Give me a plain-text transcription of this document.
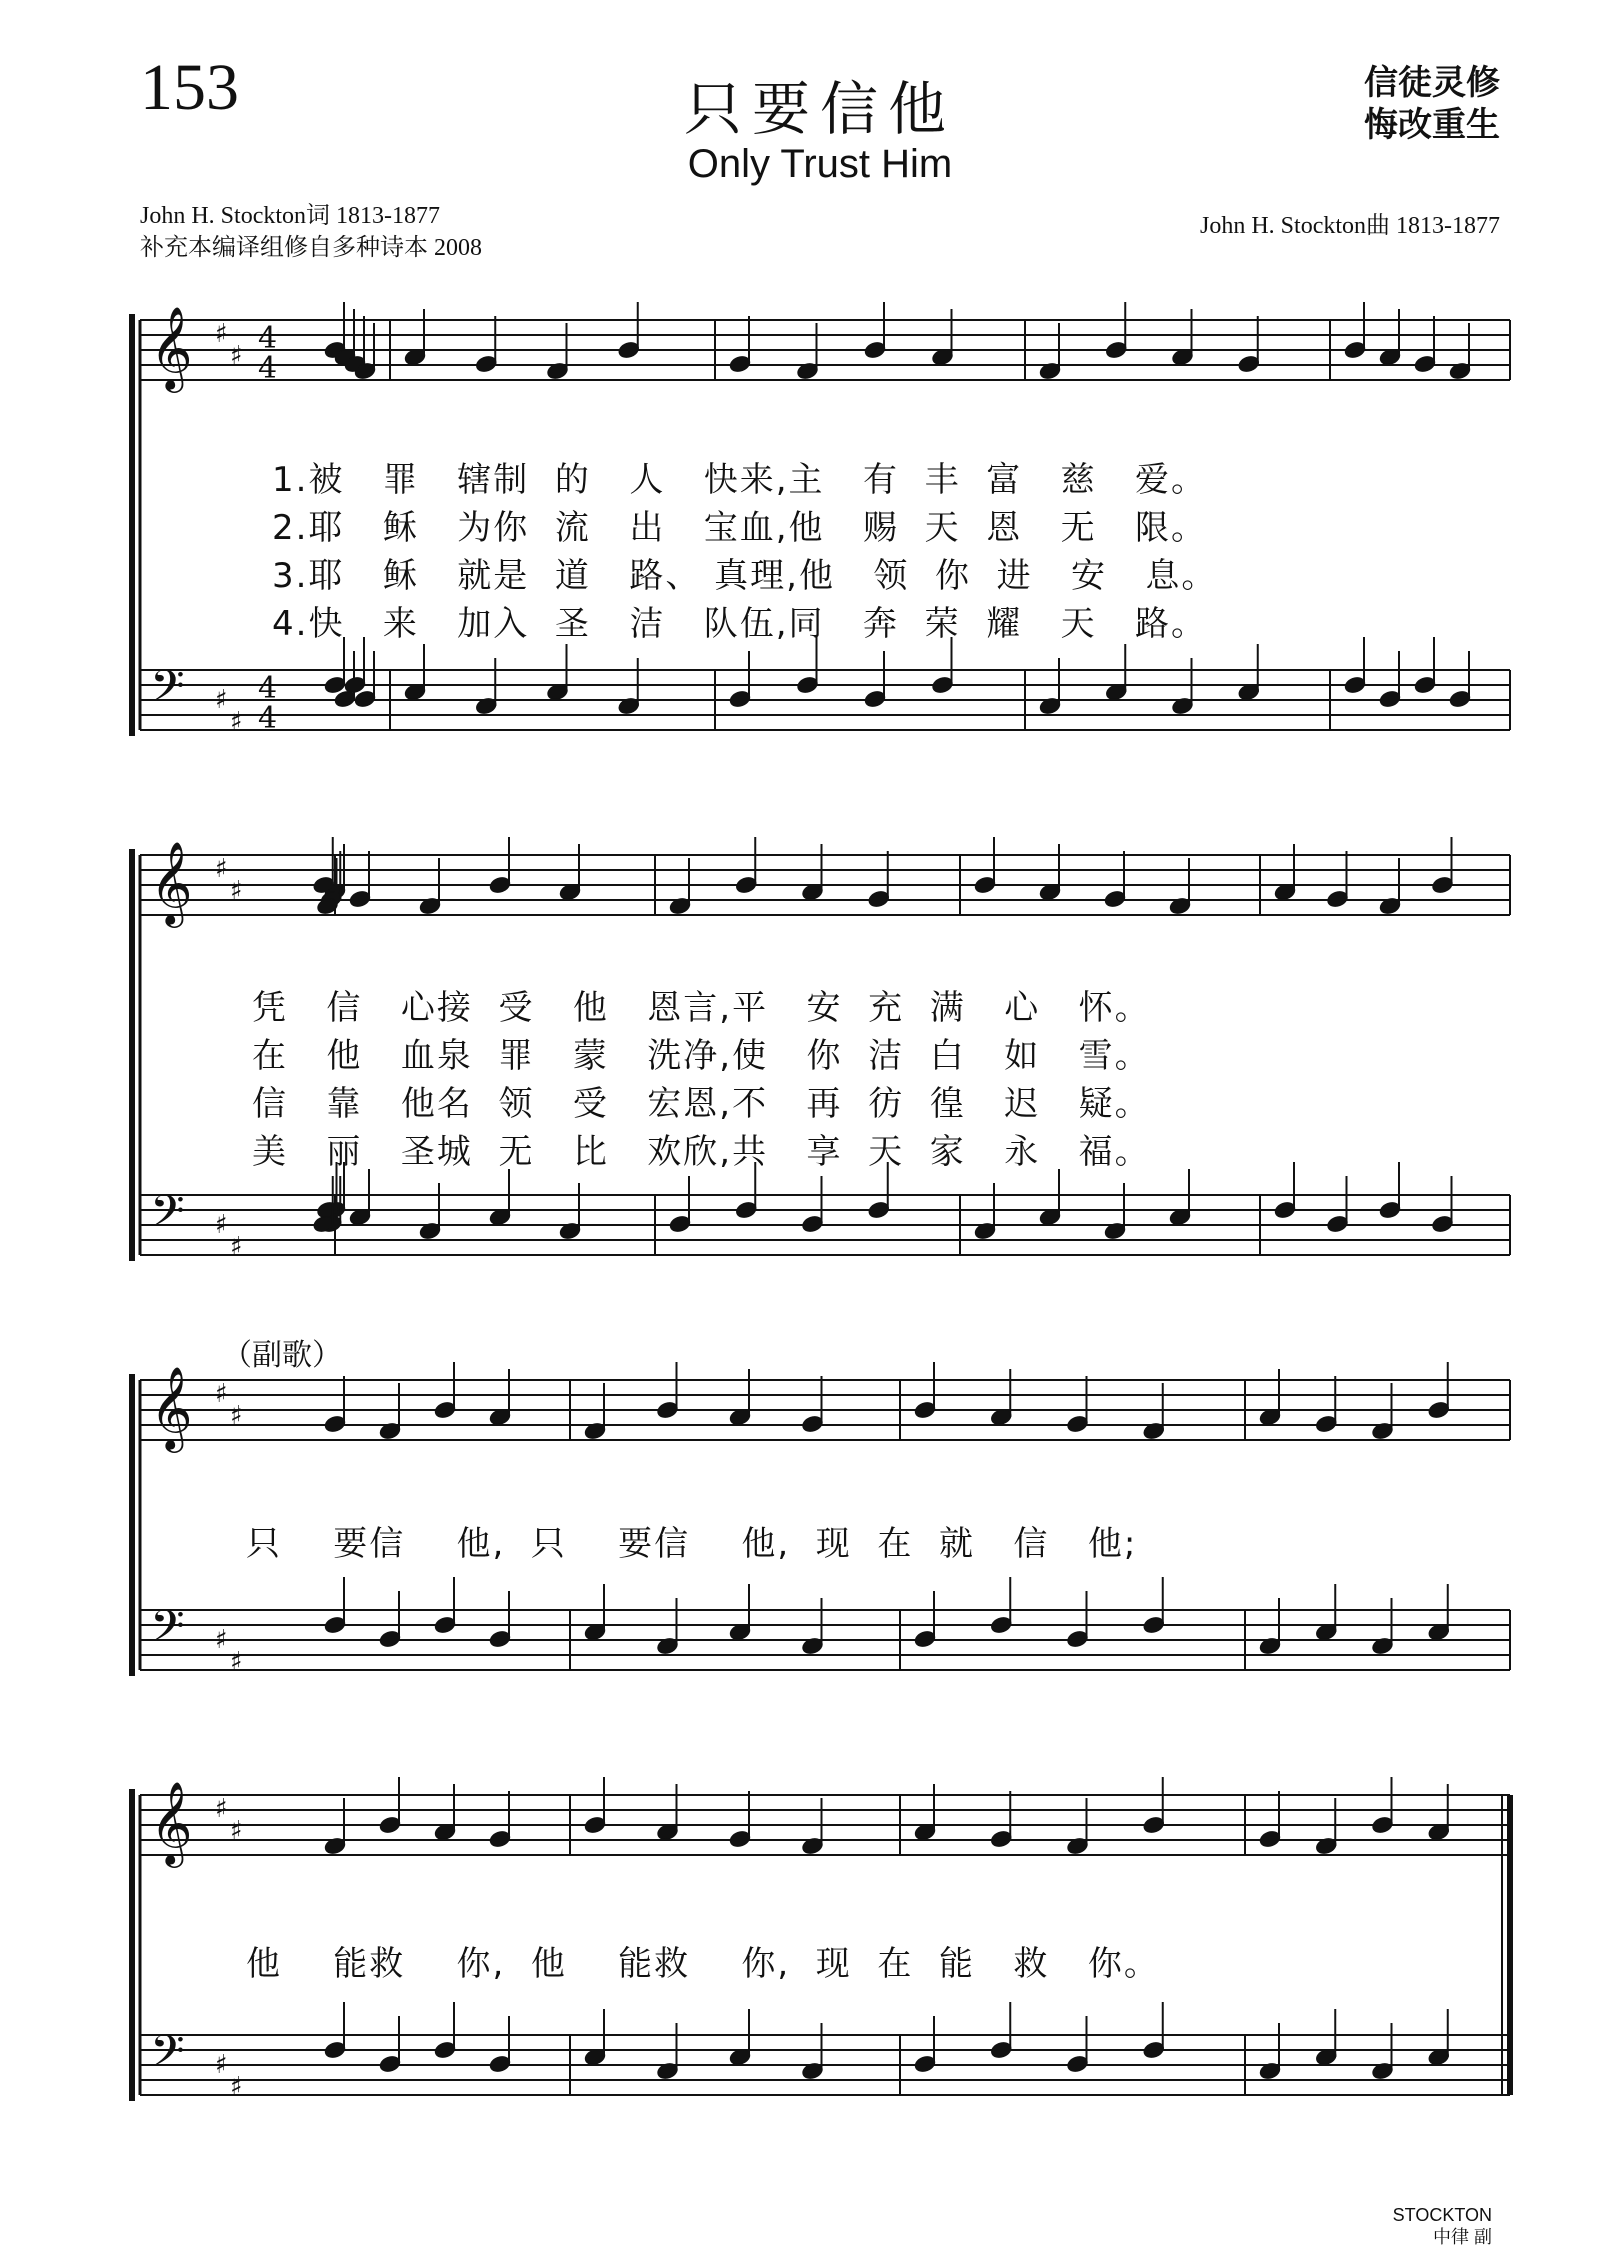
153	只要信他
Only Trust Him
信徒灵修
悔改重生
John H. Stockton词 1813-1877
补充本编译组修自多种诗本 2008
John H. Stockton曲 1813-1877
𝄞
𝄢
♯
♯
♯
♯
4
4
4
4
𝄞
𝄢
♯
♯
♯
♯
𝄞
𝄢
♯
♯
♯
♯
𝄞
𝄢
♯
♯
♯
♯
1.被   罪   辖制  的   人   快来,主   有  丰  富   慈   爱。
2.耶   稣   为你  流   出   宝血,他   赐  天  恩   无   限。
3.耶   稣   就是  道   路、 真理,他   领  你  进   安   息。
4.快   来   加入  圣   洁   队伍,同   奔  荣  耀   天   路。
凭   信   心接  受   他   恩言,平   安  充  满   心   怀。
在   他   血泉  罪   蒙   洗净,使   你  洁  白   如   雪。
信   靠   他名  领   受   宏恩,不   再  彷  徨   迟   疑。
美   丽   圣城  无   比   欢欣,共   享  天  家   永   福。
（副歌）
只    要信    他,  只    要信    他,  现  在  就   信   他;
他    能救    你,  他    能救    你,  现  在  能   救   你。
STOCKTON
中律 副
